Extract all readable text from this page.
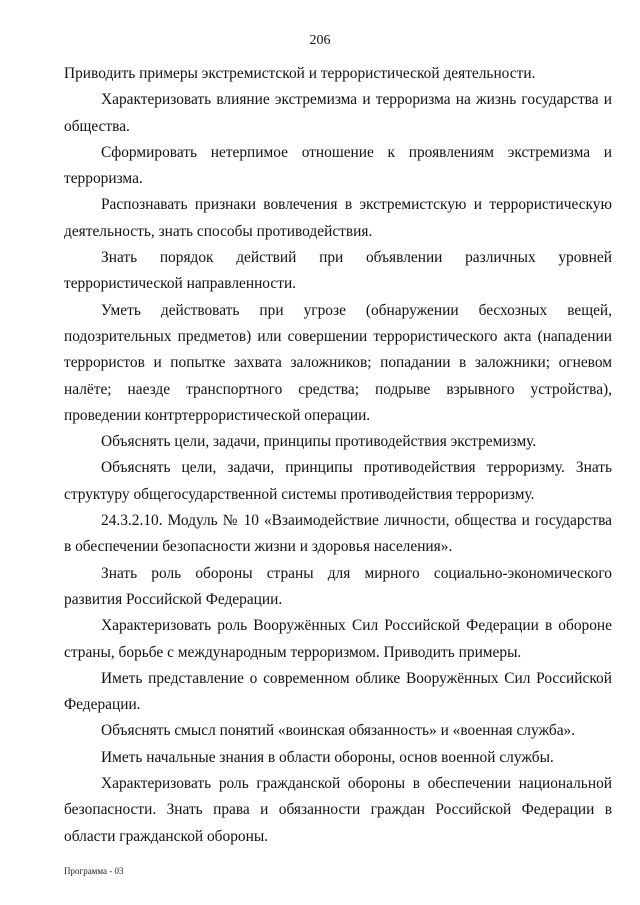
206

Приводить примеры экстремистской и террористической деятельности.

Характеризовать влияние экстремизма и терроризма на жизнь государства и общества.

Сформировать нетерпимое отношение к проявлениям экстремизма и терроризма.

Распознавать признаки вовлечения в экстремистскую и террористическую деятельность, знать способы противодействия.

Знать порядок действий при объявлении различных уровней террористической направленности.

Уметь действовать при угрозе (обнаружении бесхозных вещей, подозрительных предметов) или совершении террористического акта (нападении террористов и попытке захвата заложников; попадании в заложники; огневом налёте; наезде транспортного средства; подрыве взрывного устройства), проведении контртеррористической операции.

Объяснять цели, задачи, принципы противодействия экстремизму.

Объяснять цели, задачи, принципы противодействия терроризму. Знать структуру общегосударственной системы противодействия терроризму.

24.3.2.10. Модуль № 10 «Взаимодействие личности, общества и государства в обеспечении безопасности жизни и здоровья населения».

Знать роль обороны страны для мирного социально-экономического развития Российской Федерации.

Характеризовать роль Вооружённых Сил Российской Федерации в обороне страны, борьбе с международным терроризмом. Приводить примеры.

Иметь представление о современном облике Вооружённых Сил Российской Федерации.

Объяснять смысл понятий «воинская обязанность» и «военная служба».

Иметь начальные знания в области обороны, основ военной службы.

Характеризовать роль гражданской обороны в обеспечении национальной безопасности. Знать права и обязанности граждан Российской Федерации в области гражданской обороны.

Программа - 03
